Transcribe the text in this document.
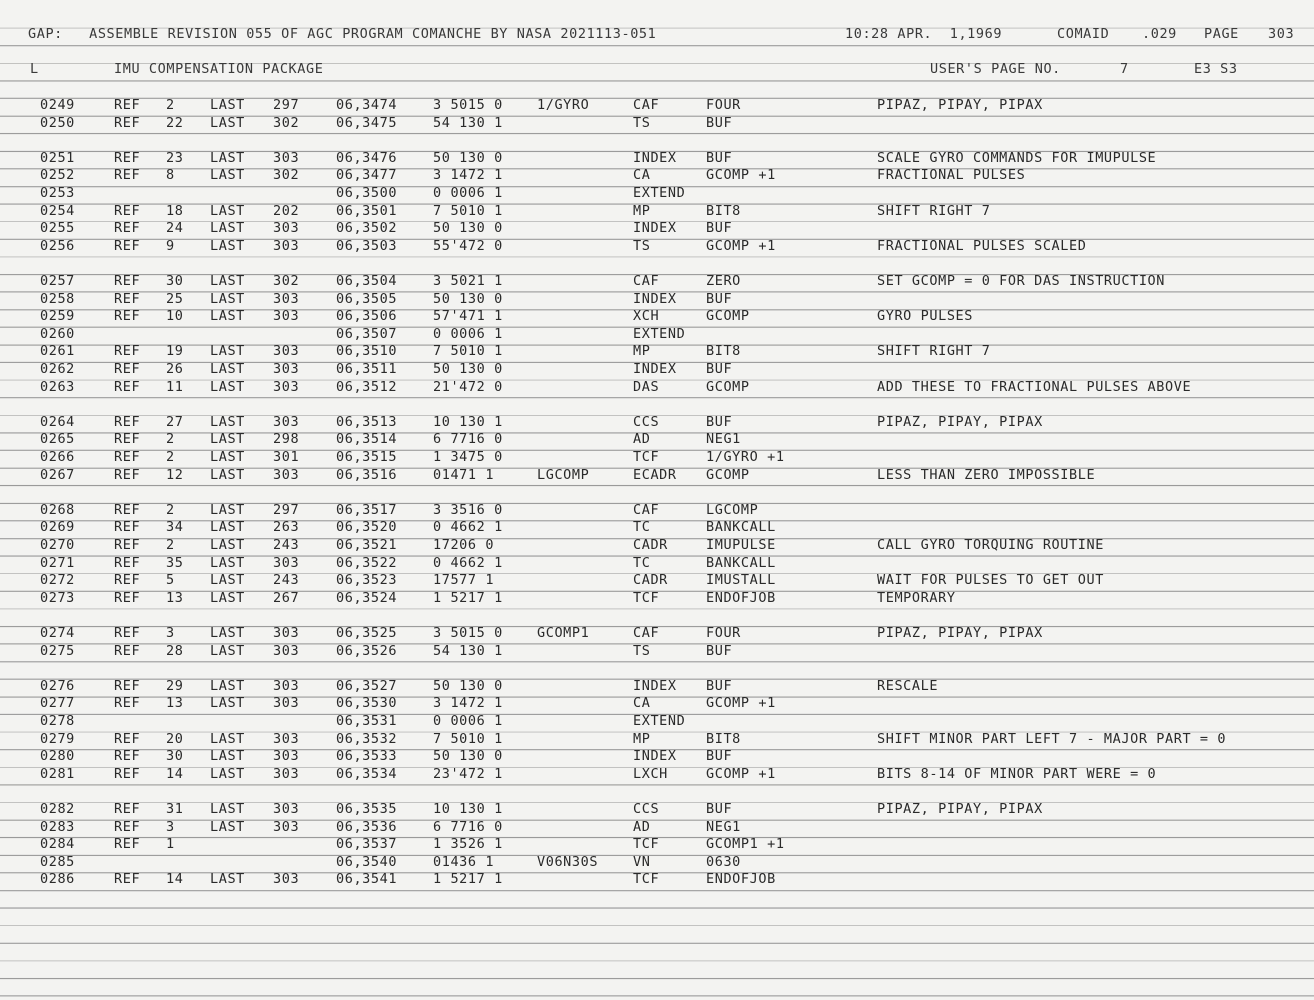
GAP:   ASSEMBLE REVISION 055 OF AGC PROGRAM COMANCHE BY NASA 2021113-051

	10:28 APR.  1,1969

	COMAID

.029

PAGE

303

L

	IMU COMPENSATION PACKAGE

	USER'S PAGE NO.

	7

	E3 S3

0249	REF 2	LAST 297	06,3474	3 5015 0	1/GYRO	CAF	FOUR	PIPAZ, PIPAY, PIPAX
0250	REF 22 LAST 302	06,3475	54 130 1	TS	BUF
0251	REF 23 LAST 303	06,3476	50 130 0	INDEX BUF	SCALE GYRO COMMANDS FOR IMUPULSE
0252	REF 8	LAST 302	06,3477	3 1472 1	CA	GCOMP +1	FRACTIONAL PULSES
0253	06,3500	0 0006 1	EXTEND
0254	REF 18 LAST 202	06,3501	7 5010 1	MP	BIT8	SHIFT RIGHT 7
0255	REF 24 LAST 303	06,3502	50 130 0	INDEX BUF
0256	REF 9	LAST 303	06,3503	55'472 0	TS	GCOMP +1	FRACTIONAL PULSES SCALED
0257	REF 30 LAST 302	06,3504	3 5021 1	CAF	ZERO	SET GCOMP = 0 FOR DAS INSTRUCTION
0258	REF 25 LAST 303	06,3505	50 130 0	INDEX BUF
0259	REF 10 LAST 303	06,3506	57'471 1	XCH	GCOMP	GYRO PULSES
0260	06,3507	0 0006 1	EXTEND
0261	REF 19 LAST 303	06,3510	7 5010 1	MP	BIT8	SHIFT RIGHT 7
0262	REF 26 LAST 303	06,3511	50 130 0	INDEX BUF
0263	REF 11 LAST 303	06,3512	21'472 0	DAS	GCOMP	ADD THESE TO FRACTIONAL PULSES ABOVE
0264	REF 27 LAST 303	06,3513	10 130 1	CCS	BUF	PIPAZ, PIPAY, PIPAX
0265	REF 2	LAST 298	06,3514	6 7716 0	AD	NEG1
0266	REF 2	LAST 301	06,3515	1 3475 0	TCF	1/GYRO +1
0267	REF 12 LAST 303	06,3516	01471 1	LGCOMP	ECADR GCOMP	LESS THAN ZERO IMPOSSIBLE
0268	REF 2	LAST 297	06,3517	3 3516 0	CAF	LGCOMP
0269	REF 34 LAST 263	06,3520	0 4662 1	TC	BANKCALL
0270	REF 2	LAST 243	06,3521	17206 0	CADR	IMUPULSE	CALL GYRO TORQUING ROUTINE
0271	REF 35 LAST 303	06,3522	0 4662 1	TC	BANKCALL
0272	REF 5	LAST 243	06,3523	17577 1	CADR	IMUSTALL	WAIT FOR PULSES TO GET OUT
0273	REF 13 LAST 267	06,3524	1 5217 1	TCF	ENDOFJOB	TEMPORARY
0274	REF 3	LAST 303	06,3525	3 5015 0	GCOMP1	CAF	FOUR	PIPAZ, PIPAY, PIPAX
0275	REF 28 LAST 303	06,3526	54 130 1	TS	BUF
0276	REF 29 LAST 303	06,3527	50 130 0	INDEX BUF	RESCALE
0277	REF 13 LAST 303	06,3530	3 1472 1	CA	GCOMP +1
0278	06,3531	0 0006 1	EXTEND
0279	REF 20 LAST 303	06,3532	7 5010 1	MP	BIT8	SHIFT MINOR PART LEFT 7 - MAJOR PART = 0
0280	REF 30 LAST 303	06,3533	50 130 0	INDEX BUF
0281	REF 14 LAST 303	06,3534	23'472 1	LXCH	GCOMP +1	BITS 8-14 OF MINOR PART WERE = 0
0282	REF 31 LAST 303	06,3535	10 130 1	CCS	BUF	PIPAZ, PIPAY, PIPAX
0283	REF 3	LAST 303	06,3536	6 7716 0	AD	NEG1
0284	REF 1	06,3537	1 3526 1	TCF	GCOMP1 +1
0285	06,3540	01436 1	V06N30S	VN	0630
0286	REF 14 LAST 303	06,3541	1 5217 1	TCF	ENDOFJOB
